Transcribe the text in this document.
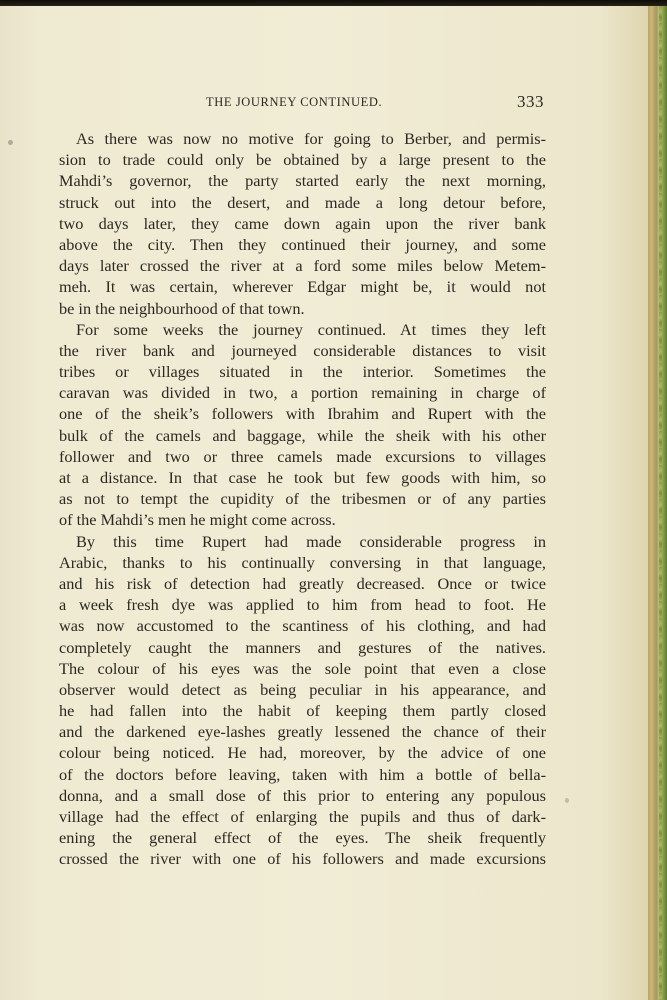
THE JOURNEY CONTINUED.	333
As there was now no motive for going to Berber, and permis-
sion to trade could only be obtained by a large present to the
Mahdi’s governor, the party started early the next morning,
struck out into the desert, and made a long detour before,
two days later, they came down again upon the river bank
above the city. Then they continued their journey, and some
days later crossed the river at a ford some miles below Metem-
meh. It was certain, wherever Edgar might be, it would not
be in the neighbourhood of that town.
For some weeks the journey continued. At times they left
the river bank and journeyed considerable distances to visit
tribes or villages situated in the interior. Sometimes the
caravan was divided in two, a portion remaining in charge of
one of the sheik’s followers with Ibrahim and Rupert with the
bulk of the camels and baggage, while the sheik with his other
follower and two or three camels made excursions to villages
at a distance. In that case he took but few goods with him, so
as not to tempt the cupidity of the tribesmen or of any parties
of the Mahdi’s men he might come across.
By this time Rupert had made considerable progress in
Arabic, thanks to his continually conversing in that language,
and his risk of detection had greatly decreased. Once or twice
a week fresh dye was applied to him from head to foot. He
was now accustomed to the scantiness of his clothing, and had
completely caught the manners and gestures of the natives.
The colour of his eyes was the sole point that even a close
observer would detect as being peculiar in his appearance, and
he had fallen into the habit of keeping them partly closed
and the darkened eye-lashes greatly lessened the chance of their
colour being noticed. He had, moreover, by the advice of one
of the doctors before leaving, taken with him a bottle of bella-
donna, and a small dose of this prior to entering any populous
village had the effect of enlarging the pupils and thus of dark-
ening the general effect of the eyes. The sheik frequently
crossed the river with one of his followers and made excursions
